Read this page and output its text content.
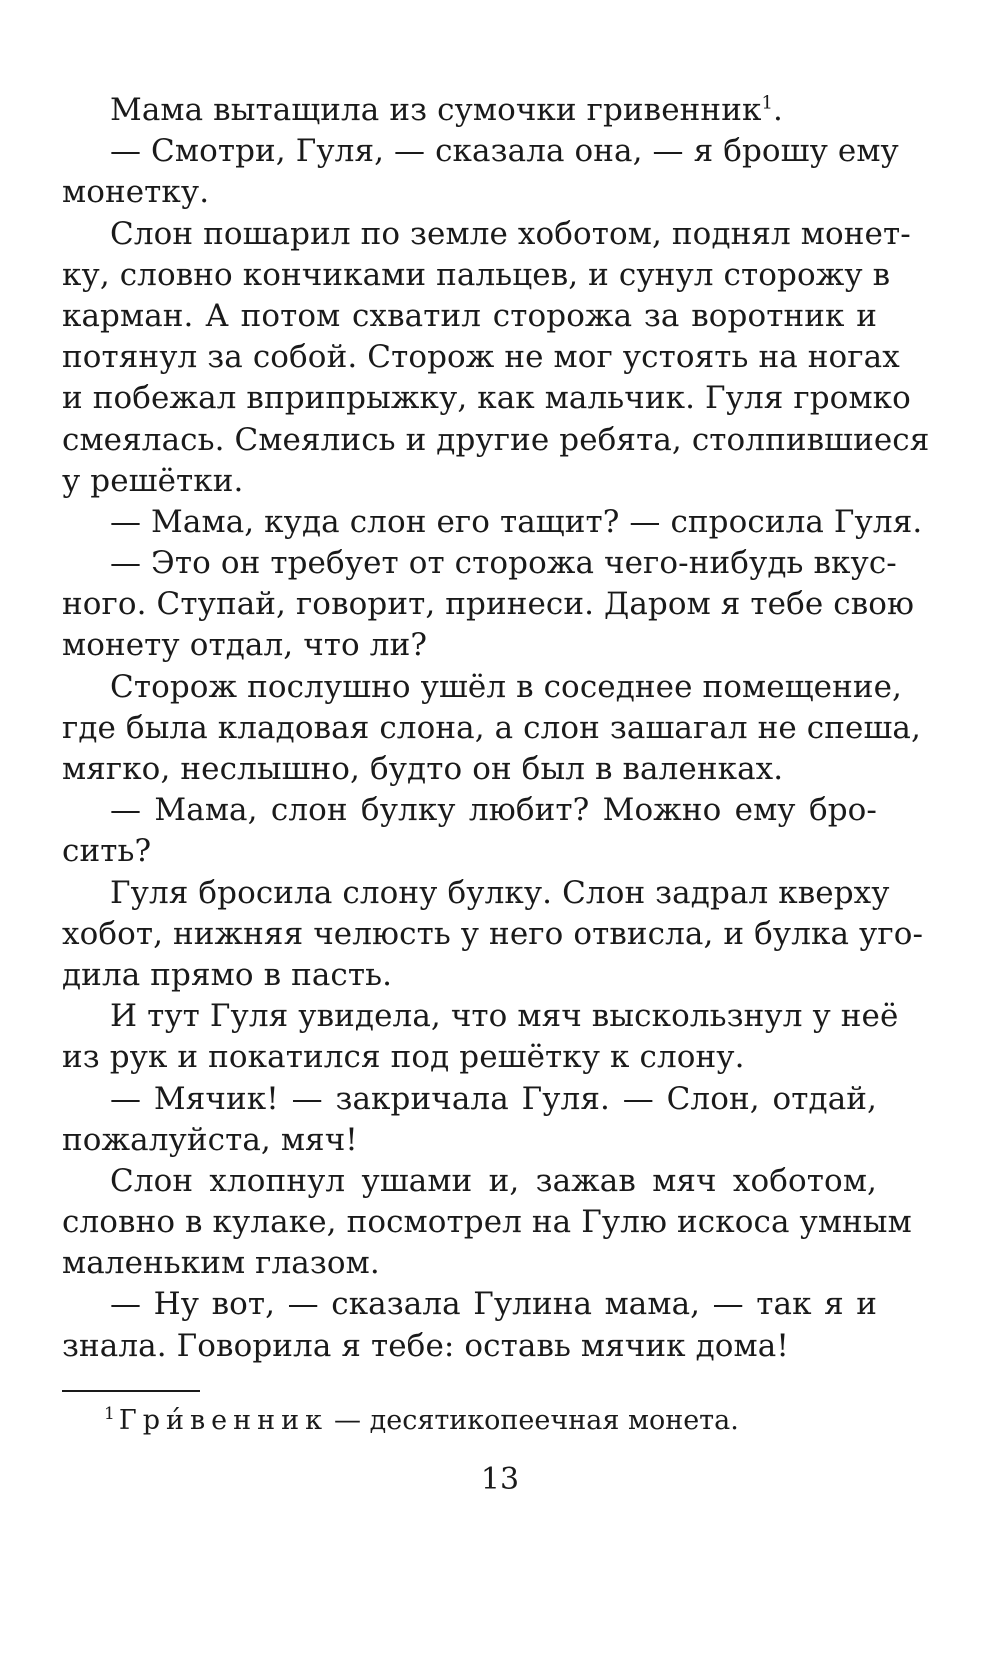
Мама вытащила из сумочки гривенник$^1$.
— Смотри, Гуля, — сказала она, — я брошу ему
монетку.
Слон пошарил по земле хоботом, поднял монет-
ку, словно кончиками пальцев, и сунул сторожу в
карман. А потом схватил сторожа за воротник и
потянул за собой. Сторож не мог устоять на ногах
и побежал вприпрыжку, как мальчик. Гуля громко
смеялась. Смеялись и другие ребята, столпившиеся
у решётки.
— Мама, куда слон его тащит? — спросила Гуля.
— Это он требует от сторожа чего-нибудь вкус-
ного. Ступай, говорит, принеси. Даром я тебе свою
монету отдал, что ли?
Сторож послушно ушёл в соседнее помещение,
где была кладовая слона, а слон зашагал не спеша,
мягко, неслышно, будто он был в валенках.
— Мама, слон булку любит? Можно ему бро-
сить?
Гуля бросила слону булку. Слон задрал кверху
хобот, нижняя челюсть у него отвисла, и булка уго-
дила прямо в пасть.
И тут Гуля увидела, что мяч выскользнул у неё
из рук и покатился под решётку к слону.
— Мячик! — закричала Гуля. — Слон, отдай,
пожалуйста, мяч!
Слон хлопнул ушами и, зажав мяч хоботом,
словно в кулаке, посмотрел на Гулю искоса умным
маленьким глазом.
— Ну вот, — сказала Гулина мама, — так я и
знала. Говорила я тебе: оставь мячик дома!
$^1$ Гри́венник — десятикопеечная монета.
13
